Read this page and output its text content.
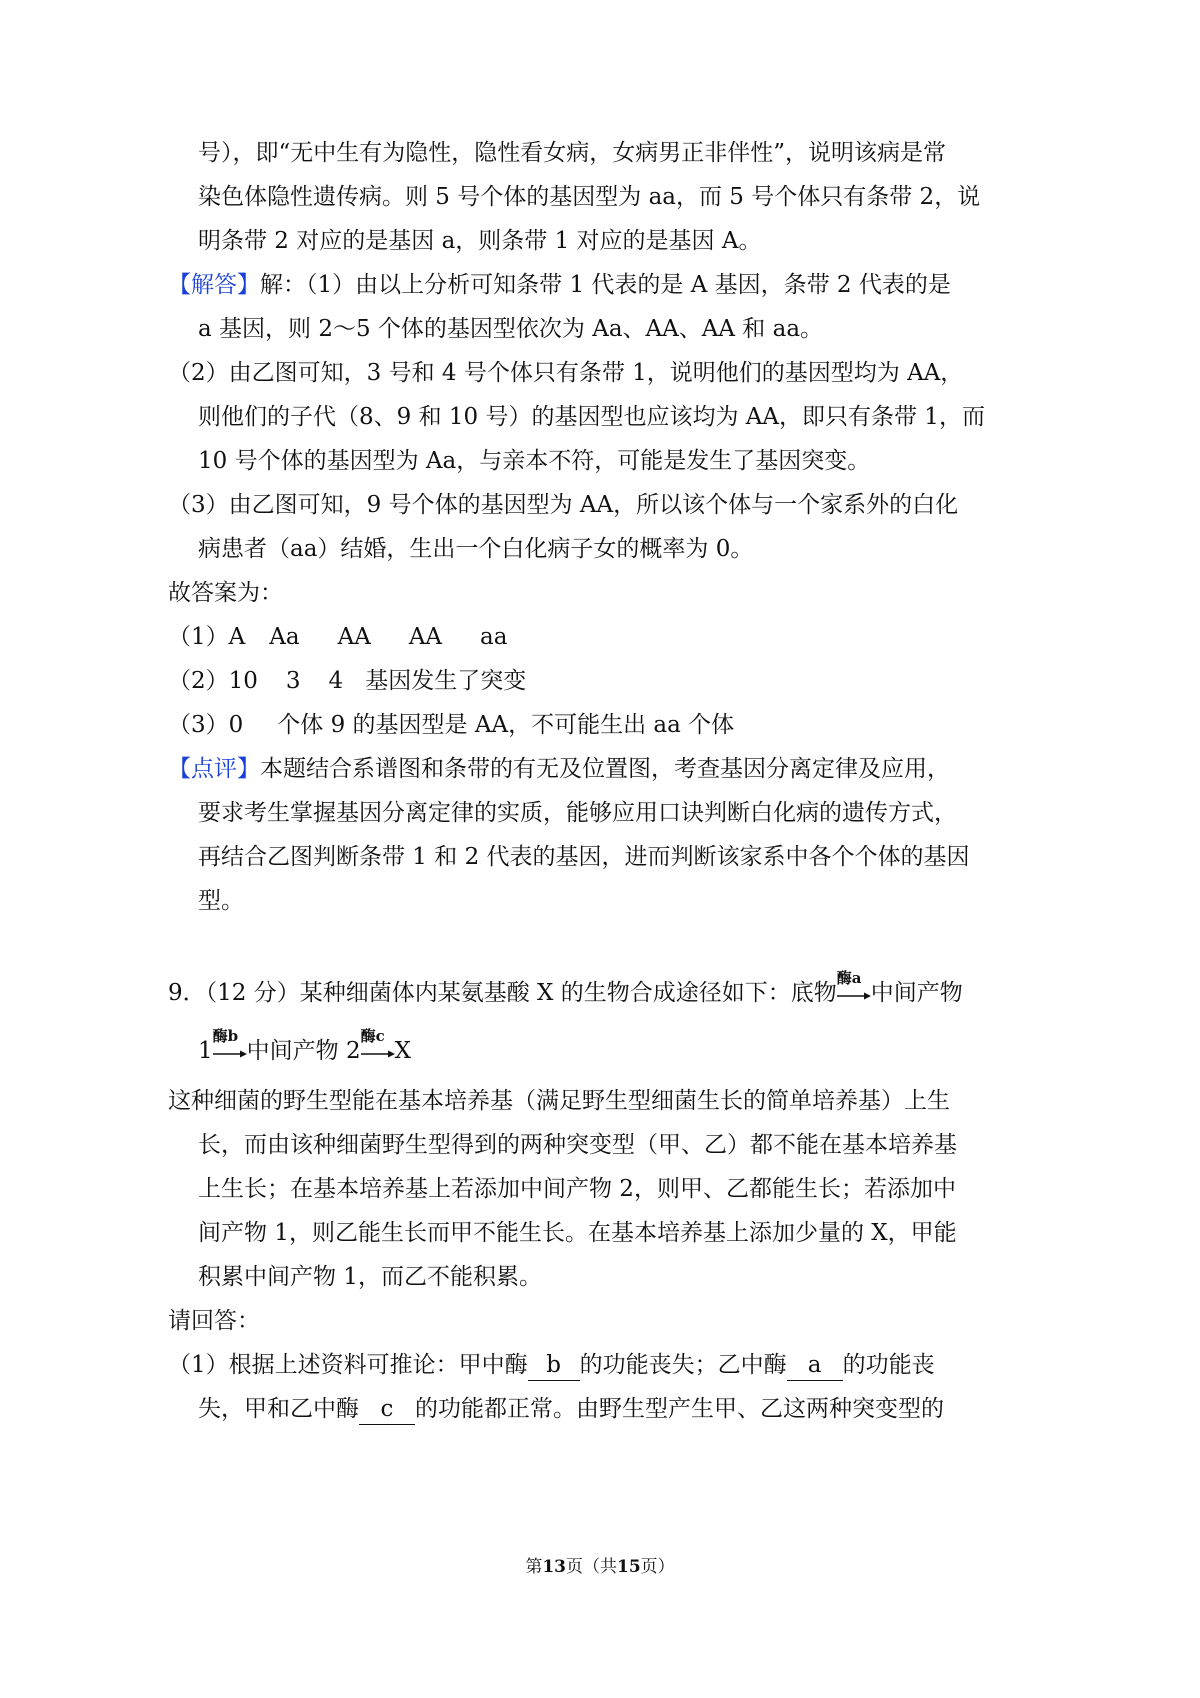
号），即“无中生有为隐性，隐性看女病，女病男正非伴性”，说明该病是常
染色体隐性遗传病。则 5 号个体的基因型为 aa，而 5 号个体只有条带 2，说
明条带 2 对应的是基因 a，则条带 1 对应的是基因 A。
【解答】解：（1）由以上分析可知条带 1 代表的是 A 基因，条带 2 代表的是
a 基因，则 2～5 个体的基因型依次为 Aa、AA、AA 和 aa。
（2）由乙图可知，3 号和 4 号个体只有条带 1，说明他们的基因型均为 AA，
则他们的子代（8、9 和 10 号）的基因型也应该均为 AA，即只有条带 1，而
10 号个体的基因型为 Aa，与亲本不符，可能是发生了基因突变。
（3）由乙图可知，9 号个体的基因型为 AA，所以该个体与一个家系外的白化
病患者（aa）结婚，生出一个白化病子女的概率为 0。
故答案为：
（1）A Aa AA AA aa
（2）10 3 4 基因发生了突变
（3）0 个体 9 的基因型是 AA，不可能生出 aa 个体
【点评】本题结合系谱图和条带的有无及位置图，考查基因分离定律及应用，
要求考生掌握基因分离定律的实质，能够应用口诀判断白化病的遗传方式，
再结合乙图判断条带 1 和 2 代表的基因，进而判断该家系中各个个体的基因
型。
9．（12 分）某种细菌体内某氨基酸 X 的生物合成途径如下：底物
酶a
中间产物
1
酶b
中间产物 2
酶c
X
这种细菌的野生型能在基本培养基（满足野生型细菌生长的简单培养基）上生
长，而由该种细菌野生型得到的两种突变型（甲、乙）都不能在基本培养基
上生长；在基本培养基上若添加中间产物 2，则甲、乙都能生长；若添加中
间产物 1，则乙能生长而甲不能生长。在基本培养基上添加少量的 X，甲能
积累中间产物 1，而乙不能积累。
请回答：
（1）根据上述资料可推论：甲中酶 b 的功能丧失；乙中酶 a 的功能丧
失，甲和乙中酶 c 的功能都正常。由野生型产生甲、乙这两种突变型的
第13页（共15页）
